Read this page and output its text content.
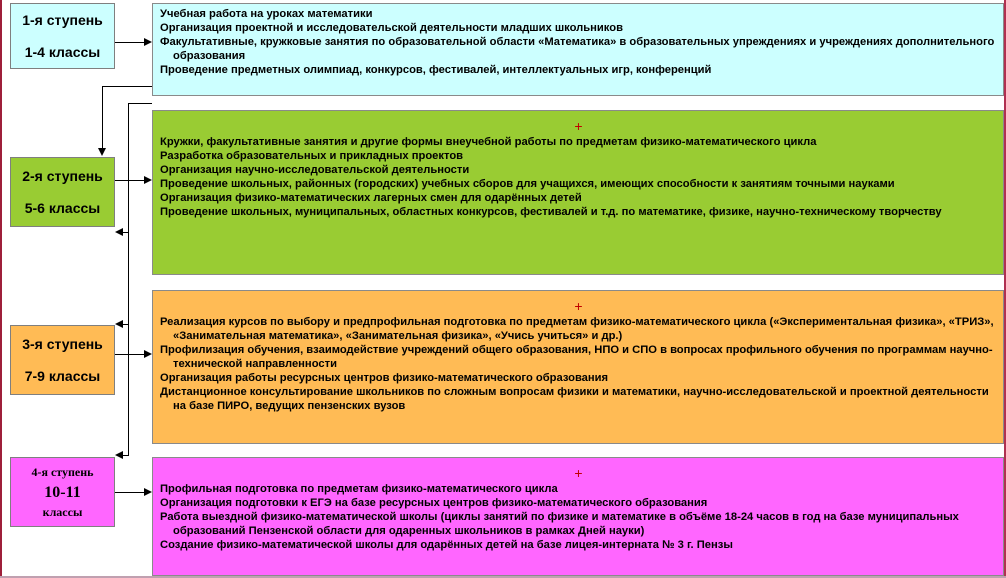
1-я ступень
1-4 классы
2-я ступень
5-6 классы
3-я ступень
7-9 классы
4-я ступень
10-11
классы
Учебная работа на уроках математики
Организация проектной и исследовательской деятельности младших школьников
Факультативные, кружковые занятия по образовательной области «Математика» в образовательных упреждениях и учреждениях дополнительного образования
Проведение предметных олимпиад, конкурсов, фестивалей, интеллектуальных игр, конференций
+
Кружки, факультативные занятия и другие формы внеучебной работы по предметам физико-математического цикла
Разработка образовательных и прикладных проектов
Организация научно-исследовательской деятельности
Проведение школьных, районных (городских) учебных сборов для учащихся, имеющих способности к занятиям точными науками
Организация физико-математических лагерных смен для одарённых детей
Проведение школьных, муниципальных, областных конкурсов, фестивалей и т.д. по математике, физике, научно-техническому творчеству
+
Реализация курсов по выбору и предпрофильная подготовка по предметам физико-математического цикла («Экспериментальная физика», «ТРИЗ», «Занимательная математика», «Занимательная физика», «Учись учиться» и др.)
Профилизация обучения, взаимодействие учреждений общего образования, НПО и СПО в вопросах профильного обучения по программам научно-технической направленности
Организация работы ресурсных центров физико-математического образования
Дистанционное консультирование школьников по сложным вопросам физики и математики, научно-исследовательской и проектной деятельности на базе ПИРО, ведущих пензенских вузов
+
Профильная подготовка по предметам физико-математического цикла
Организация подготовки к ЕГЭ на базе ресурсных центров физико-математического образования
Работа выездной физико-математической школы (циклы занятий по физике и математике в объёме 18-24 часов в год на базе муниципальных образований Пензенской области для одаренных школьников в рамках Дней науки)
Создание физико-математической школы для одарённых детей на базе лицея-интерната № 3 г. Пензы
